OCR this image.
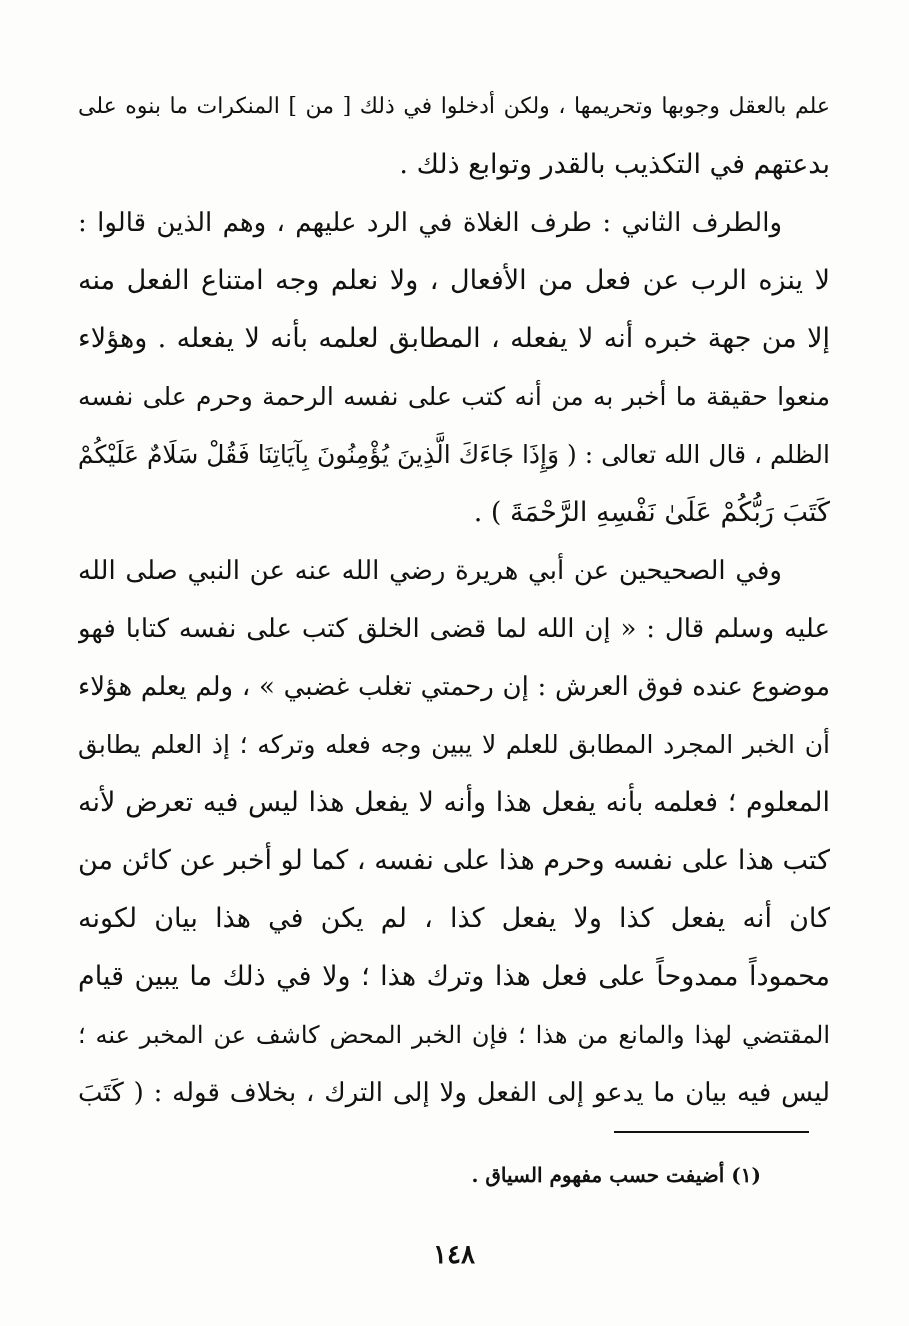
علم بالعقل وجوبها وتحريمها ، ولكن أدخلوا في ذلك [ من ] المنكرات ما بنوه على
بدعتهم في التكذيب بالقدر وتوابع ذلك .
والطرف الثاني : طرف الغلاة في الرد عليهم ، وهم الذين قالوا :
لا ينزه الرب عن فعل من الأفعال ، ولا نعلم وجه امتناع الفعل منه
إلا من جهة خبره أنه لا يفعله ، المطابق لعلمه بأنه لا يفعله . وهؤلاء
منعوا حقيقة ما أخبر به من أنه كتب على نفسه الرحمة وحرم على نفسه
الظلم ، قال الله تعالى : ( وَإِذَا جَاءَكَ الَّذِينَ يُؤْمِنُونَ بِآيَاتِنَا فَقُلْ سَلَامٌ عَلَيْكُمْ
كَتَبَ رَبُّكُمْ عَلَىٰ نَفْسِهِ الرَّحْمَةَ ) .
وفي الصحيحين عن أبي هريرة رضي الله عنه عن النبي صلى الله
عليه وسلم قال : « إن الله لما قضى الخلق كتب على نفسه كتابا فهو
موضوع عنده فوق العرش : إن رحمتي تغلب غضبي » ، ولم يعلم هؤلاء
أن الخبر المجرد المطابق للعلم لا يبين وجه فعله وتركه ؛ إذ العلم يطابق
المعلوم ؛ فعلمه بأنه يفعل هذا وأنه لا يفعل هذا ليس فيه تعرض لأنه
كتب هذا على نفسه وحرم هذا على نفسه ، كما لو أخبر عن كائن من
كان أنه يفعل كذا ولا يفعل كذا ، لم يكن في هذا بيان لكونه
محموداً ممدوحاً على فعل هذا وترك هذا ؛ ولا في ذلك ما يبين قيام
المقتضي لهذا والمانع من هذا ؛ فإن الخبر المحض كاشف عن المخبر عنه ؛
ليس فيه بيان ما يدعو إلى الفعل ولا إلى الترك ، بخلاف قوله : ( كَتَبَ
(١) أضيفت حسب مفهوم السياق .
١٤٨
